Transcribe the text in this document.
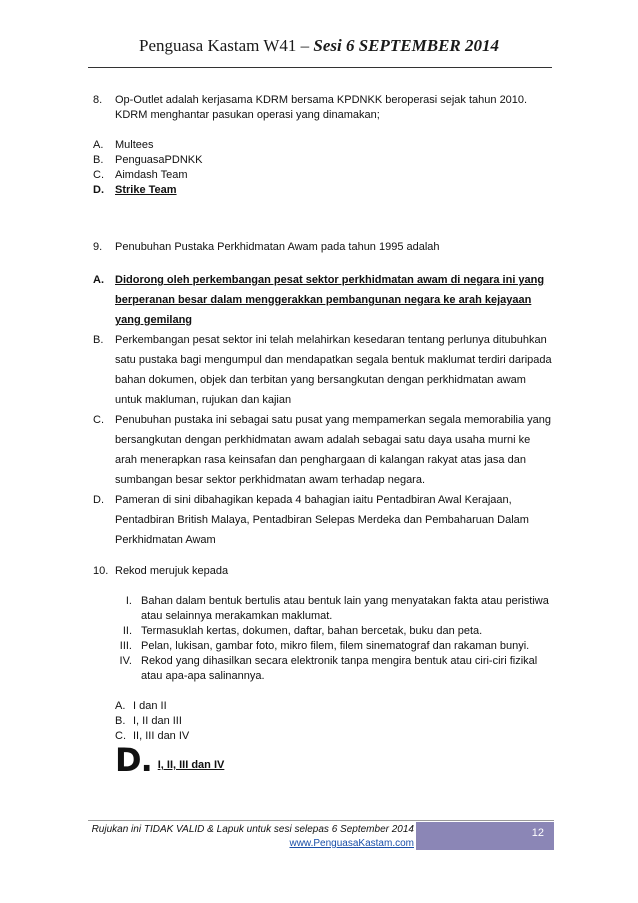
Penguasa Kastam W41 – Sesi 6 SEPTEMBER 2014
8.	Op-Outlet adalah kerjasama KDRM bersama KPDNKK beroperasi sejak tahun 2010. KDRM menghantar pasukan operasi yang dinamakan;
A.	Multees
B.	PenguasaPDNKK
C.	Aimdash Team
D.	Strike Team
9.	Penubuhan Pustaka Perkhidmatan Awam pada tahun 1995 adalah
A.	Didorong oleh perkembangan pesat sektor perkhidmatan awam di negara ini yang berperanan besar dalam menggerakkan pembangunan negara ke arah kejayaan yang gemilang
B.	Perkembangan pesat sektor ini telah melahirkan kesedaran tentang perlunya ditubuhkan satu pustaka bagi mengumpul dan mendapatkan segala bentuk maklumat terdiri daripada bahan dokumen, objek dan terbitan yang bersangkutan dengan perkhidmatan awam untuk makluman, rujukan dan kajian
C.	Penubuhan pustaka ini sebagai satu pusat yang mempamerkan segala memorabilia yang bersangkutan dengan perkhidmatan awam adalah sebagai satu daya usaha murni ke arah menerapkan rasa keinsafan dan penghargaan di kalangan rakyat atas jasa dan sumbangan besar sektor perkhidmatan awam terhadap negara.
D.	Pameran di sini dibahagikan kepada 4 bahagian iaitu Pentadbiran Awal Kerajaan, Pentadbiran British Malaya, Pentadbiran Selepas Merdeka dan Pembaharuan Dalam Perkhidmatan Awam
10. Rekod merujuk kepada
I. Bahan dalam bentuk bertulis atau bentuk lain yang menyatakan fakta atau peristiwa atau selainnya merakamkan maklumat.
II. Termasuklah kertas, dokumen, daftar, bahan bercetak, buku dan peta.
III. Pelan, lukisan, gambar foto, mikro filem, filem sinematograf dan rakaman bunyi.
IV. Rekod yang dihasilkan secara elektronik tanpa mengira bentuk atau ciri-ciri fizikal atau apa-apa salinannya.
A. I dan II
B. I, II dan III
C. II, III dan IV
D. I, II, III dan IV
Rujukan ini TIDAK VALID & Lapuk untuk sesi selepas 6 September 2014
www.PenguasaKastam.com
12
